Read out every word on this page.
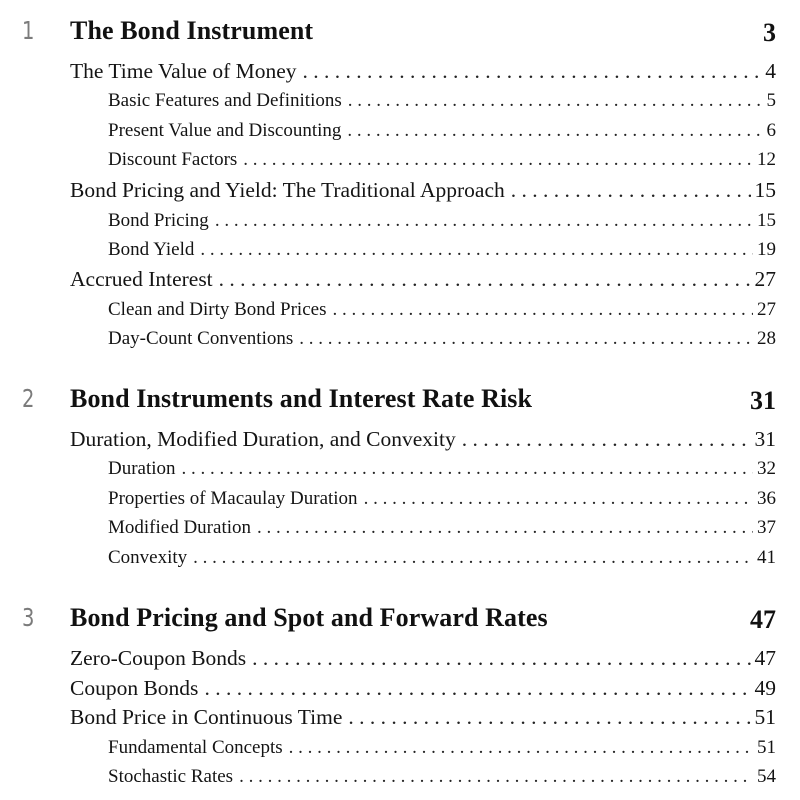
1 The Bond Instrument	3
The Time Value of Money . . .	4
Basic Features and Definitions . . .	5
Present Value and Discounting . . .	6
Discount Factors . . .	12
Bond Pricing and Yield: The Traditional Approach . . .	15
Bond Pricing . . .	15
Bond Yield . . .	19
Accrued Interest . . .	27
Clean and Dirty Bond Prices . . .	27
Day-Count Conventions . . .	28
2 Bond Instruments and Interest Rate Risk	31
Duration, Modified Duration, and Convexity . . .	31
Duration . . .	32
Properties of Macaulay Duration . . .	36
Modified Duration . . .	37
Convexity . . .	41
3 Bond Pricing and Spot and Forward Rates	47
Zero-Coupon Bonds . . .	47
Coupon Bonds . . .	49
Bond Price in Continuous Time . . .	51
Fundamental Concepts . . .	51
Stochastic Rates . . .	54
